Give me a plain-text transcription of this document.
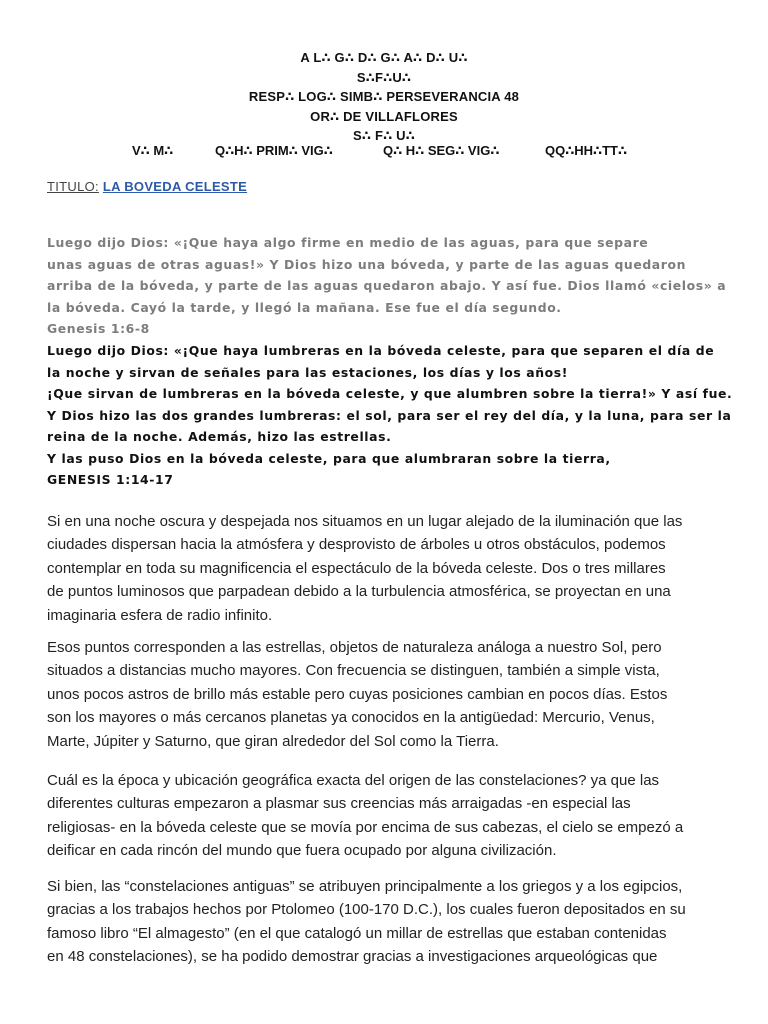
A L∴ G∴ D∴ G∴ A∴ D∴ U∴
S∴F∴U∴
RESP∴ LOG∴ SIMB∴ PERSEVERANCIA 48
OR∴ DE VILLAFLORES
S∴ F∴ U∴
V∴ M∴	Q∴H∴ PRIM∴ VIG∴	Q∴ H∴ SEG∴ VIG∴	QQ∴HH∴TT∴
TITULO: LA BOVEDA CELESTE
Luego dijo Dios: «¡Que haya algo firme en medio de las aguas, para que separe
unas aguas de otras aguas!» Y Dios hizo una bóveda, y parte de las aguas quedaron
arriba de la bóveda, y parte de las aguas quedaron abajo. Y así fue. Dios llamó «cielos» a
la bóveda. Cayó la tarde, y llegó la mañana. Ese fue el día segundo.
Genesis 1:6-8
Luego dijo Dios: «¡Que haya lumbreras en la bóveda celeste, para que separen el día de
la noche y sirvan de señales para las estaciones, los días y los años!
¡Que sirvan de lumbreras en la bóveda celeste, y que alumbren sobre la tierra!» Y así fue.
Y Dios hizo las dos grandes lumbreras: el sol, para ser el rey del día, y la luna, para ser la
reina de la noche. Además, hizo las estrellas.
Y las puso Dios en la bóveda celeste, para que alumbraran sobre la tierra,
GENESIS 1:14-17
Si en una noche oscura y despejada nos situamos en un lugar alejado de la iluminación que las
ciudades dispersan hacia la atmósfera y desprovisto de árboles u otros obstáculos, podemos
contemplar en toda su magnificencia el espectáculo de la bóveda celeste. Dos o tres millares
de puntos luminosos que parpadean debido a la turbulencia atmosférica, se proyectan en una
imaginaria esfera de radio infinito.
Esos puntos corresponden a las estrellas, objetos de naturaleza análoga a nuestro Sol, pero
situados a distancias mucho mayores. Con frecuencia se distinguen, también a simple vista,
unos pocos astros de brillo más estable pero cuyas posiciones cambian en pocos días. Estos
son los mayores o más cercanos planetas ya conocidos en la antigüedad: Mercurio, Venus,
Marte, Júpiter y Saturno, que giran alrededor del Sol como la Tierra.
Cuál es la época y ubicación geográfica exacta del origen de las constelaciones? ya que las
diferentes culturas empezaron a plasmar sus creencias más arraigadas -en especial las
religiosas- en la bóveda celeste que se movía por encima de sus cabezas, el cielo se empezó a
deificar en cada rincón del mundo que fuera ocupado por alguna civilización.
Si bien, las “constelaciones antiguas” se atribuyen principalmente a los griegos y a los egipcios,
gracias a los trabajos hechos por Ptolomeo (100-170 D.C.), los cuales fueron depositados en su
famoso libro “El almagesto” (en el que catalogó un millar de estrellas que estaban contenidas
en 48 constelaciones), se ha podido demostrar gracias a investigaciones arqueológicas que
